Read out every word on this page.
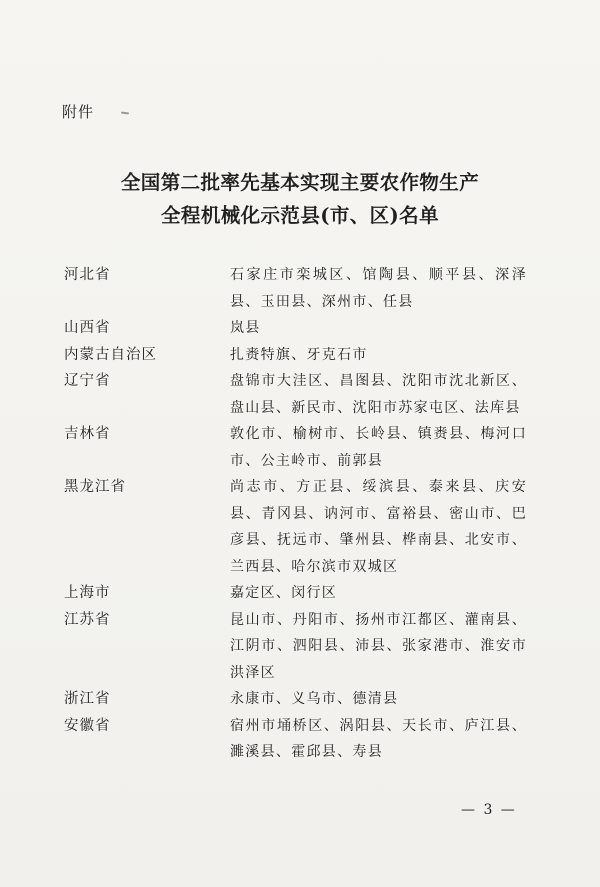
附件
全国第二批率先基本实现主要农作物生产
全程机械化示范县(市、区)名单
河北省	石家庄市栾城区、馆陶县、顺平县、深泽县、玉田县、深州市、任县
山西省	岚县
内蒙古自治区	扎赉特旗、牙克石市
辽宁省	盘锦市大洼区、昌图县、沈阳市沈北新区、盘山县、新民市、沈阳市苏家屯区、法库县
吉林省	敦化市、榆树市、长岭县、镇赉县、梅河口市、公主岭市、前郭县
黑龙江省	尚志市、方正县、绥滨县、泰来县、庆安县、青冈县、讷河市、富裕县、密山市、巴彦县、抚远市、肇州县、桦南县、北安市、兰西县、哈尔滨市双城区
上海市	嘉定区、闵行区
江苏省	昆山市、丹阳市、扬州市江都区、灌南县、江阴市、泗阳县、沛县、张家港市、淮安市洪泽区
浙江省	永康市、义乌市、德清县
安徽省	宿州市埇桥区、涡阳县、天长市、庐江县、濉溪县、霍邱县、寿县
— 3 —
